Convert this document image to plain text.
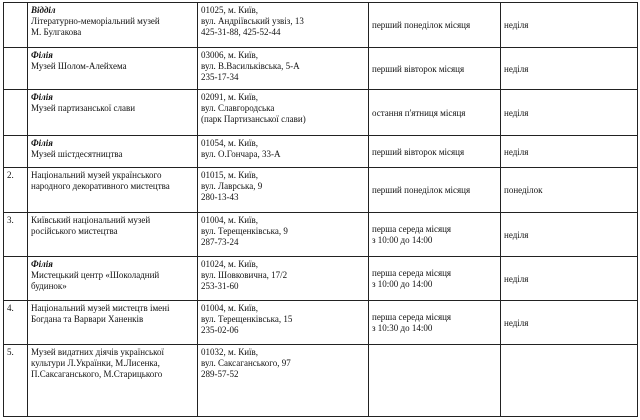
	Відділ
Літературно-меморіальний музей
М. Булгакова	01025, м. Київ,
вул. Андріївський узвіз, 13
425-31-88, 425-52-44	перший понеділок місяця	неділя

	Філія
Музей Шолом-Алейхема	03006, м. Київ,
вул. В.Васильківська, 5-А
235-17-34	перший вівторок місяця	неділя

	Філія
Музей партизанської слави	02091, м. Київ,
вул. Славгородська
(парк Партизанської слави)	остання п'ятниця місяця	неділя

	Філія
Музей шістдесятництва	01054, м. Київ,
вул. О.Гончара, 33-А	перший вівторок місяця	неділя
2.	Національний музей українського
народного декоративного мистецтва	01015, м. Київ,
вул. Лаврська, 9
280-13-43	перший понеділок місяця	понеділок
3.	Київський національний музей
російського мистецтва	01004, м. Київ,
вул. Терещенківська, 9
287-73-24	перша середа місяця
з 10:00 до 14:00	неділя

	Філія
Мистецький центр «Шоколадний
будинок»	01024, м. Київ,
вул. Шовковична, 17/2
253-31-60	перша середа місяця
з 10:00 до 14:00	неділя
4.	Національний музей мистецтв імені
Богдана та Варвари Ханенків	01004, м. Київ,
вул. Терещенківська, 15
235-02-06	перша середа місяця
з 10:30 до 14:00	неділя
5.	Музей видатних діячів української
культури Л.Українки, М.Лисенка,
П.Саксаганського, М.Старицького	01032, м. Київ,
вул. Саксаганського, 97
289-57-52		
